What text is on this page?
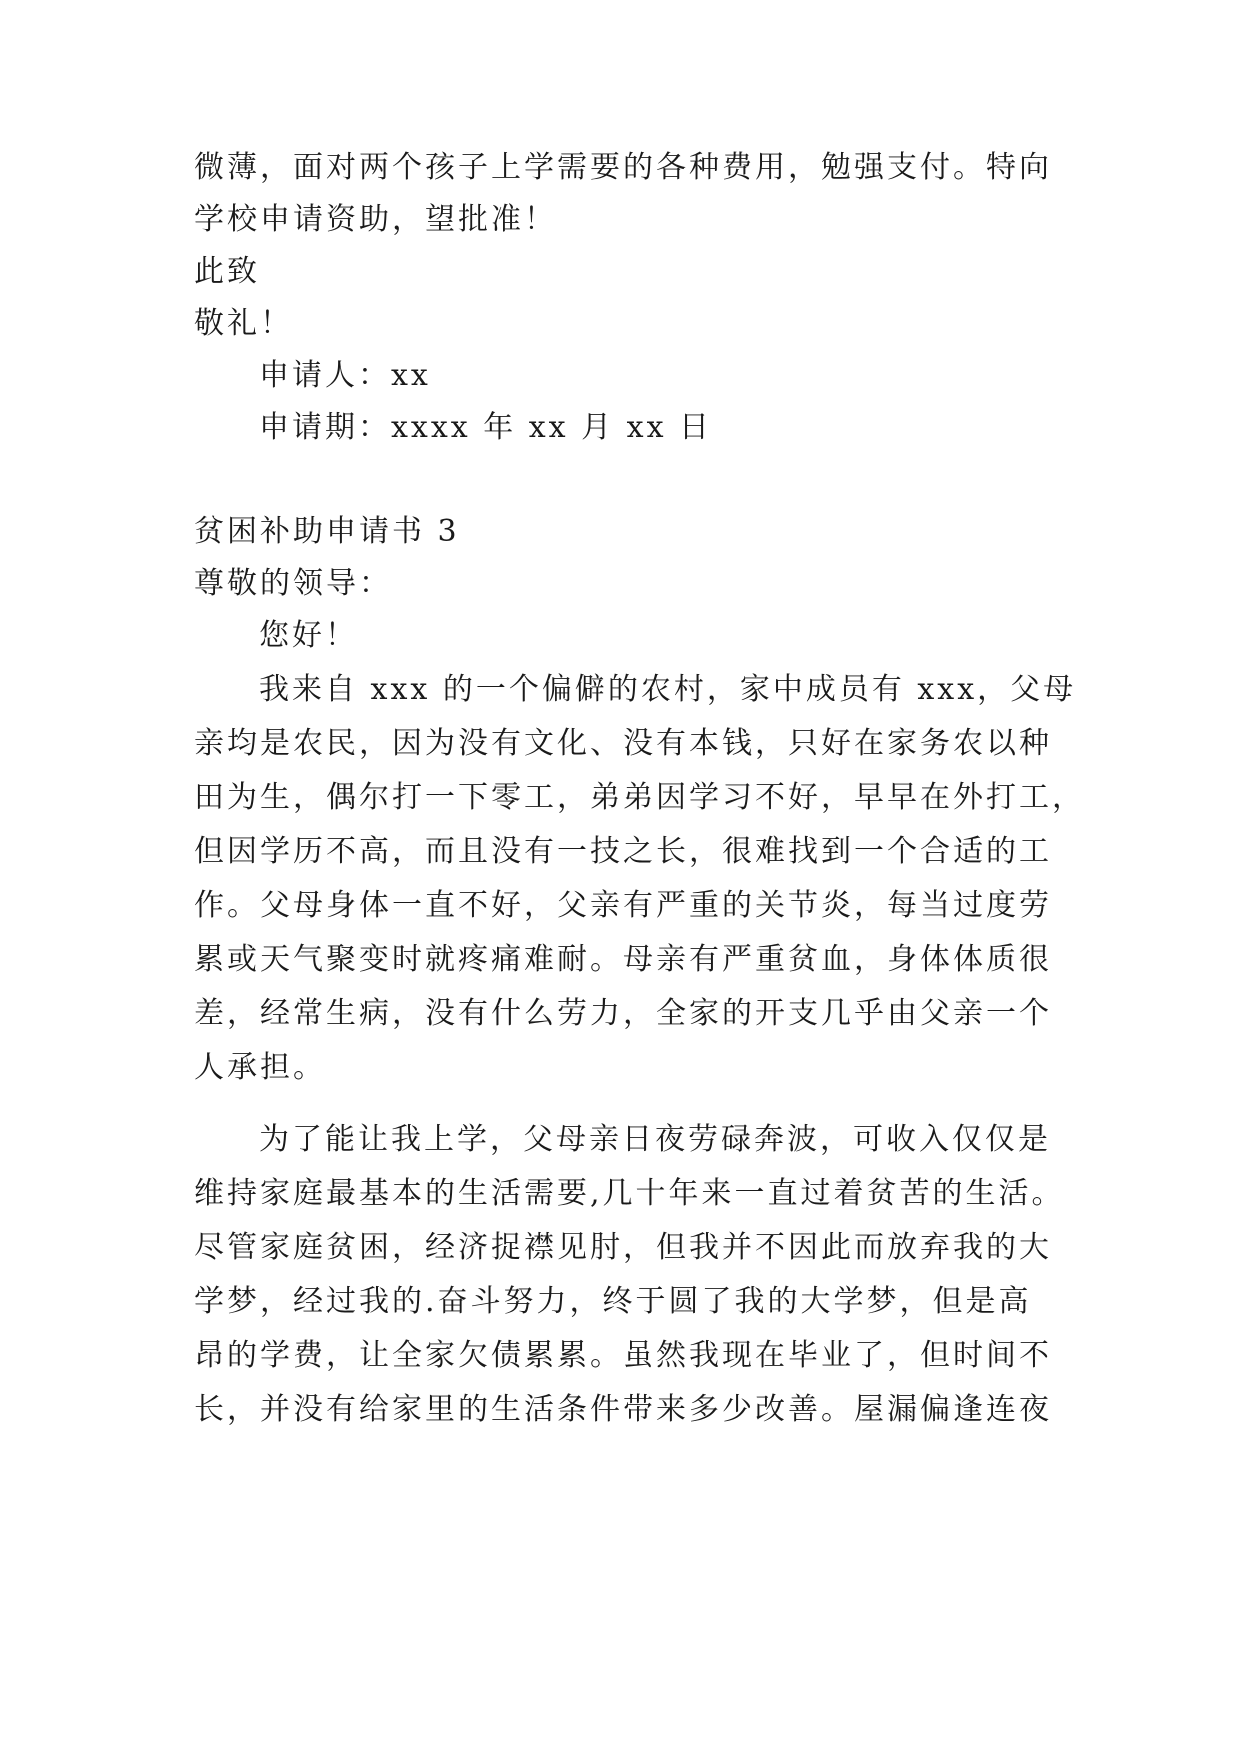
微薄，面对两个孩子上学需要的各种费用，勉强支付。特向
学校申请资助，望批准！
此致
敬礼！
申请人：xx
申请期：xxxx 年 xx 月 xx 日
贫困补助申请书 3
尊敬的领导：
您好！
我来自 xxx 的一个偏僻的农村，家中成员有 xxx，父母
亲均是农民，因为没有文化、没有本钱，只好在家务农以种
田为生，偶尔打一下零工，弟弟因学习不好，早早在外打工，
但因学历不高，而且没有一技之长，很难找到一个合适的工
作。父母身体一直不好，父亲有严重的关节炎，每当过度劳
累或天气聚变时就疼痛难耐。母亲有严重贫血，身体体质很
差，经常生病，没有什么劳力，全家的开支几乎由父亲一个
人承担。
为了能让我上学，父母亲日夜劳碌奔波，可收入仅仅是
维持家庭最基本的生活需要,几十年来一直过着贫苦的生活。
尽管家庭贫困，经济捉襟见肘，但我并不因此而放弃我的大
学梦，经过我的.奋斗努力，终于圆了我的大学梦，但是高
昂的学费，让全家欠债累累。虽然我现在毕业了，但时间不
长，并没有给家里的生活条件带来多少改善。屋漏偏逢连夜
